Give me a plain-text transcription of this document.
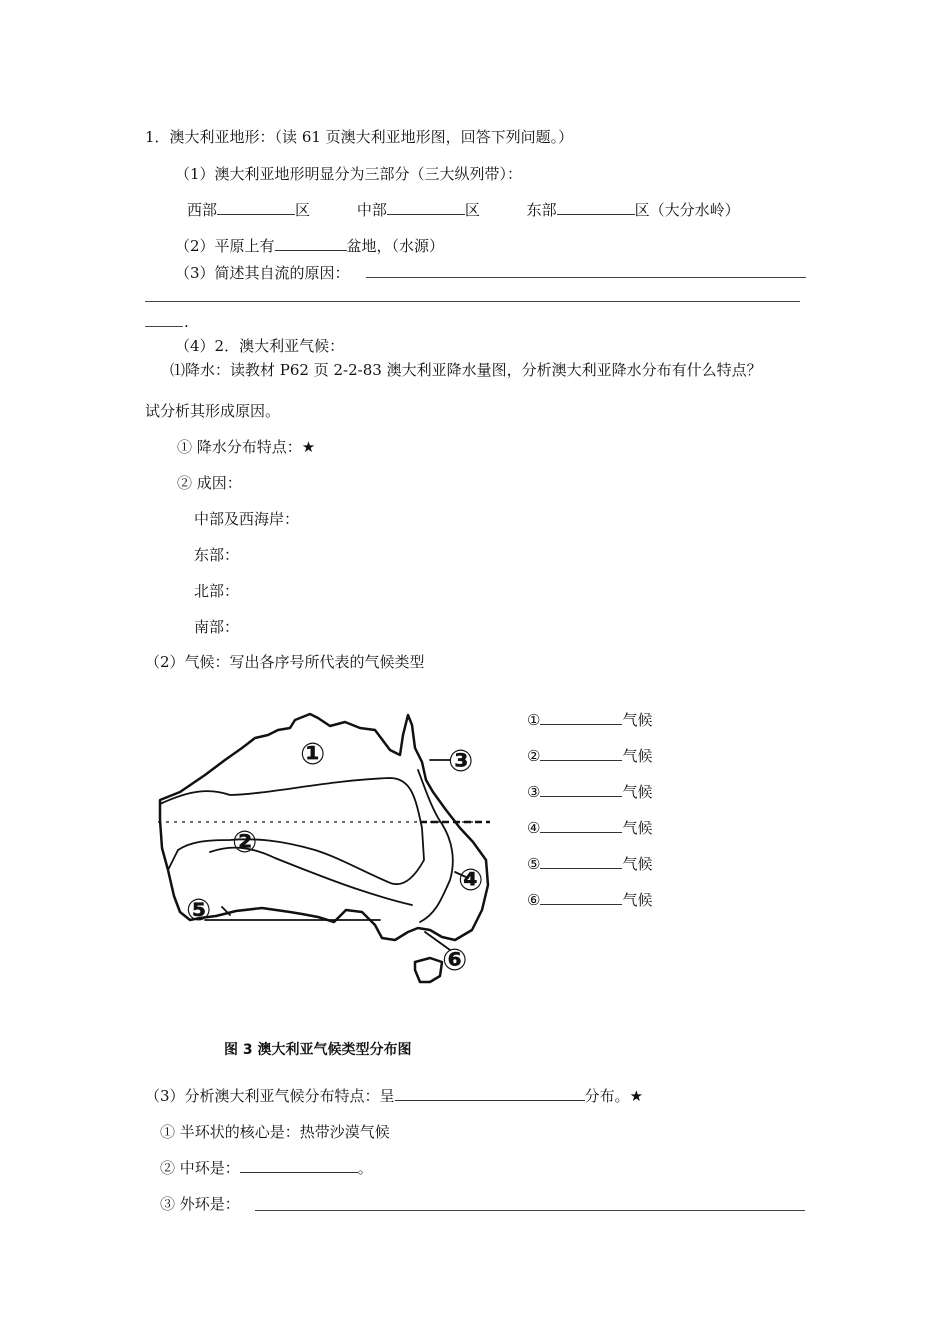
1．澳大利亚地形：（读 61 页澳大利亚地形图，回答下列问题。）
（1）澳大利亚地形明显分为三部分（三大纵列带）：
西部	区	中部	区	东部	区（大分水岭）
（2）平原上有	盆地，（水源）
（3）简述其自流的原因：
.
（4）2．澳大利亚气候：
⑴降水：读教材 P62 页 2-2-83 澳大利亚降水量图，分析澳大利亚降水分布有什么特点？
试分析其形成原因。
① 降水分布特点：★
② 成因：
中部及西海岸：
东部：
北部：
南部：
（2）气候：写出各序号所代表的气候类型
①
②
③
④
⑤
⑥
①	气候
②	气候
③	气候
④	气候
⑤	气候
⑥	气候
图 3 澳大利亚气候类型分布图
（3）分析澳大利亚气候分布特点：呈	分布。★
① 半环状的核心是：热带沙漠气候
② 中环是：	。
③ 外环是：
